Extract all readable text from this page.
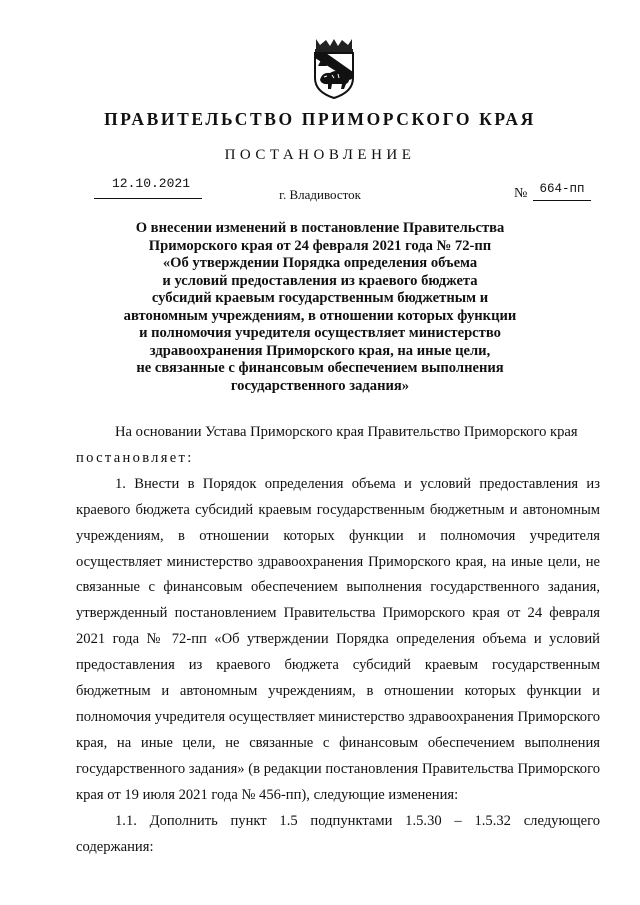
ПРАВИТЕЛЬСТВО ПРИМОРСКОГО КРАЯ
ПОСТАНОВЛЕНИЕ
12.10.2021
г. Владивосток	№ 664-пп
О внесении изменений в постановление Правительства
Приморского края от 24 февраля 2021 года № 72-пп
«Об утверждении Порядка определения объема
и условий предоставления из краевого бюджета
субсидий краевым государственным бюджетным и
автономным учреждениям, в отношении которых функции
и полномочия учредителя осуществляет министерство
здравоохранения Приморского края, на иные цели,
не связанные с финансовым обеспечением выполнения
государственного задания»

На основании Устава Приморского края Правительство Приморского края

постановляет:

1. Внести в Порядок определения объема и условий предоставления из краевого бюджета субсидий краевым государственным бюджетным и автономным учреждениям, в отношении которых функции и полномочия учредителя осуществляет министерство здравоохранения Приморского края, на иные цели, не связанные с финансовым обеспечением выполнения государственного задания, утвержденный постановлением Правительства Приморского края от 24 февраля 2021 года № 72-пп «Об утверждении Порядка определения объема и условий предоставления из краевого бюджета субсидий краевым государственным бюджетным и автономным учреждениям, в отношении которых функции и полномочия учредителя осуществляет министерство здравоохранения Приморского края, на иные цели, не связанные с финансовым обеспечением выполнения государственного задания» (в редакции постановления Правительства Приморского края от 19 июля 2021 года № 456-пп), следующие изменения:

1.1. Дополнить пункт 1.5 подпунктами 1.5.30 – 1.5.32 следующего содержания:
